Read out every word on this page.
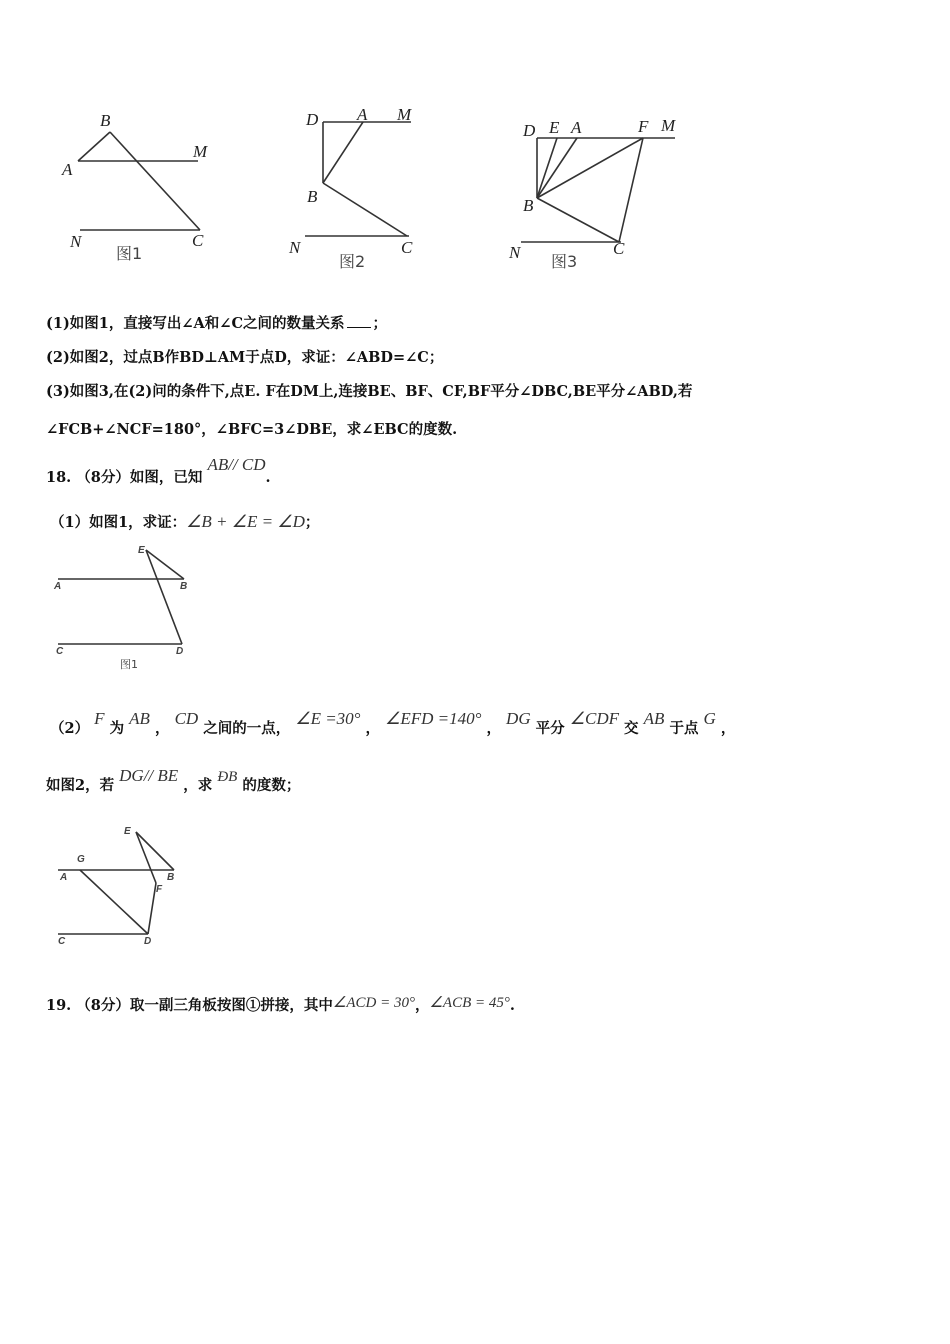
B
A
M
N	C
图1
D A M
B
N	C
图2
D E A	F M
B
N	C
图3
(1)如图1，直接写出∠A和∠C之间的数量关系 ；
(2)如图2，过点B作BD⊥AM于点D，求证：∠ABD=∠C；
(3)如图3,在(2)问的条件下,点E. F在DM上,连接BE、BF、CF,BF平分∠DBC,BE平分∠ABD,若
∠FCB+∠NCF=180°，∠BFC=3∠DBE，求∠EBC的度数.
18. （8分）如图，已知 AB// CD.
（1）如图1，求证：∠B + ∠E = ∠D；
E
A	B
C	D
图1
（2） F 为 AB ， CD 之间的一点， ∠E =30° ， ∠EFD =140° ， DG 平分 ∠CDF 交 AB 于点 G ，
如图2，若 DG// BE ，求 ÐB 的度数；
E
G
A	B
F
C	D
19. （8分）取一副三角板按图①拼接，其中∠ACD = 30°，∠ACB = 45°.
